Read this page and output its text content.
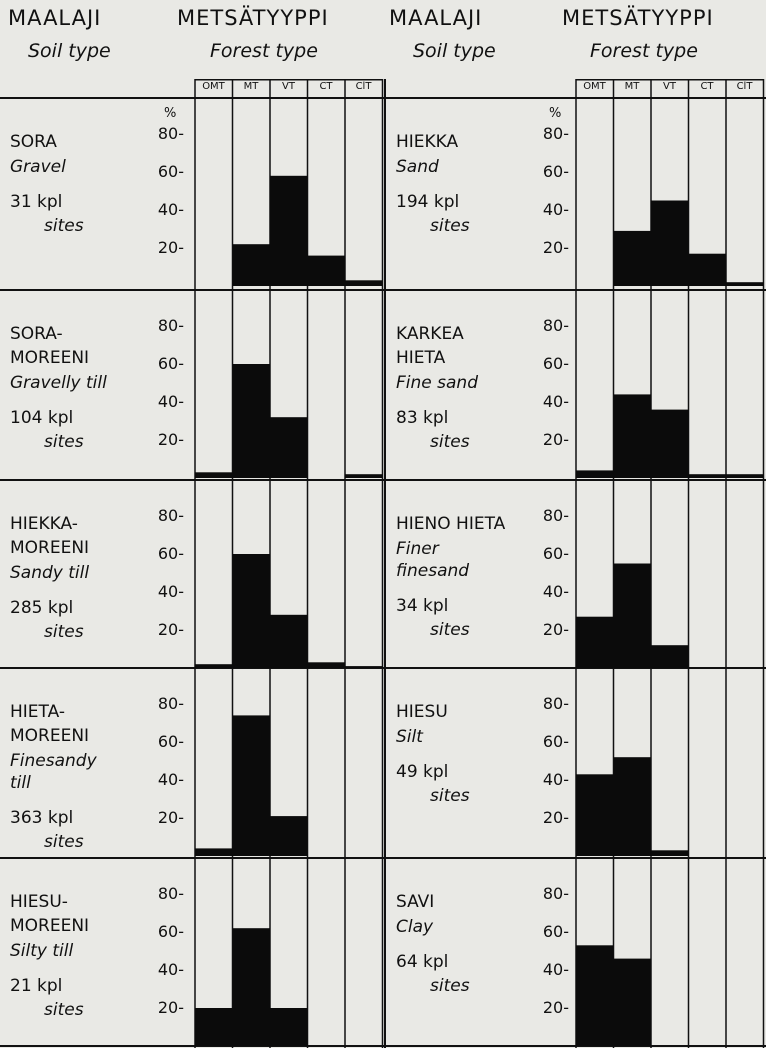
MAALAJI	METSÄTYYPPI	MAALAJI	METSÄTYYPPI
Soil type	Forest type	Soil type	Forest type
OMT	MT	VT	CT	ClT	OMT	MT	VT	CT	ClT
80-
60-
40-
20-
%
SORA
Gravel
31 kpl
sites
80-
60-
40-
20-
%
HIEKKA
Sand
194 kpl
sites
80-
60-
40-
20-
SORA-
MOREENI
Gravelly till
104 kpl
sites
80-
60-
40-
20-
KARKEA
HIETA
Fine sand
83 kpl
sites
80-
60-
40-
20-
HIEKKA-
MOREENI
Sandy till
285 kpl
sites
80-
60-
40-
20-
HIENO HIETA
Finer
finesand
34 kpl
sites
80-
60-
40-
20-
HIETA-
MOREENI
Finesandy
till
363 kpl
sites
80-
60-
40-
20-
HIESU
Silt
49 kpl
sites
80-
60-
40-
20-
HIESU-
MOREENI
Silty till
21 kpl
sites
80-
60-
40-
20-
SAVI
Clay
64 kpl
sites
